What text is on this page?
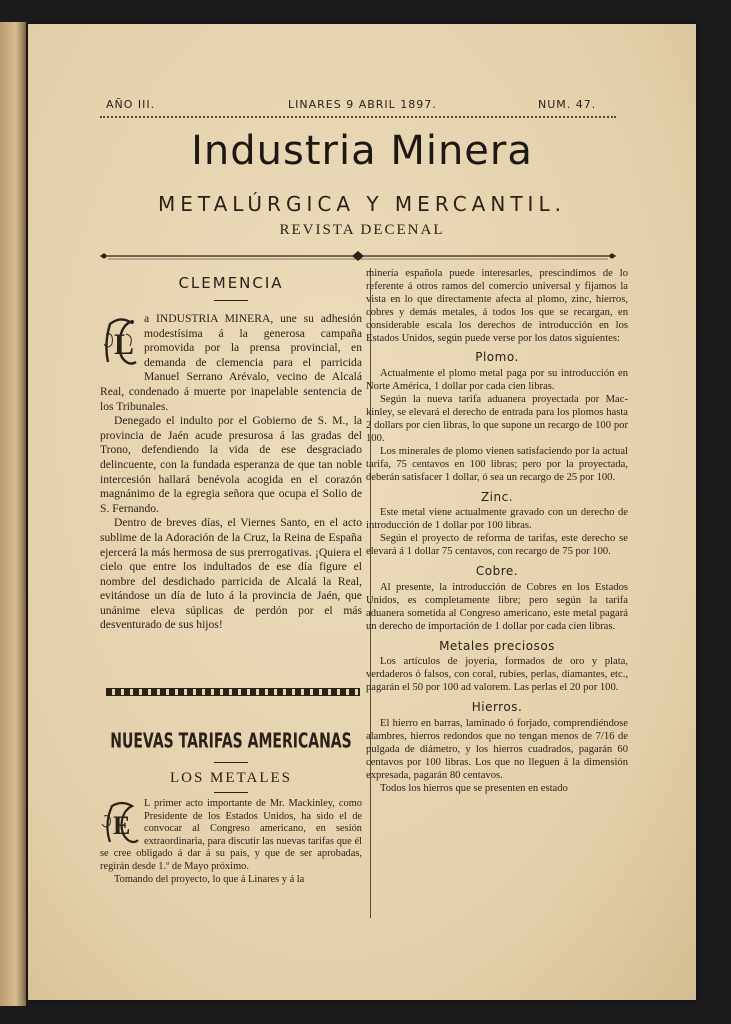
AÑO III.	LINARES 9 ABRIL 1897.	NUM. 47.
Industria Minera
METALÚRGICA Y MERCANTIL.
REVISTA DECENAL
CLEMENCIA
L

a INDUSTRIA MINERA, une su adhesión modestísima á la generosa campaña promovida por la prensa provincial, en demanda de clemencia para el parricida Manuel Serrano Arévalo, vecino de Alcalá Real, condenado á muerte por inapelable sentencia de los Tribunales.

Denegado el indulto por el Gobierno de S. M., la provincia de Jaén acude presurosa á las gradas del Trono, defendiendo la vida de ese desgraciado delincuente, con la fundada esperanza de que tan noble intercesión hallará benévola acogida en el corazón magnánimo de la egregia señora que ocupa el Solio de S. Fernando.

Dentro de breves días, el Viernes Santo, en el acto sublime de la Adoración de la Cruz, la Reina de España ejercerá la más hermosa de sus prerrogativas. ¡Quiera el cielo que entre los indultados de ese día figure el nombre del desdichado parricida de Alcalá la Real, evitándose un día de luto á la provincia de Jaén, que unánime eleva súplicas de perdón por el más desventurado de sus hijos!

NUEVAS TARIFAS AMERICANAS
LOS METALES
E

L primer acto importante de Mr. Mackinley, como Presidente de los Estados Unidos, ha sido el de convocar al Congreso americano, en sesión extraordinaria, para discutir las nuevas tarifas que él se cree obligado á dar á su país, y que de ser aprobadas, regirán desde 1.º de Mayo próximo.

Tomando del proyecto, lo que á Linares y á la

minería española puede interesarles, prescindimos de lo referente á otros ramos del comercio universal y fijamos la vista en lo que directamente afecta al plomo, zinc, hierros, cobres y demás metales, á todos los que se recargan, en considerable escala los derechos de introducción en los Estados Unidos, según puede verse por los datos siguientes:

Plomo.

Actualmente el plomo metal paga por su introducción en Norte América, 1 dollar por cada cien libras.

Según la nueva tarifa aduanera proyectada por Mac-kinley, se elevará el derecho de entrada para los plomos hasta 2 dollars por cien libras, lo que supone un recargo de 100 por 100.

Los minerales de plomo vienen satisfaciendo por la actual tarifa, 75 centavos en 100 libras; pero por la proyectada, deberán satisfacer 1 dollar, ó sea un recargo de 25 por 100.

Zinc.

Este metal viene actualmente gravado con un derecho de introducción de 1 dollar por 100 libras.

Según el proyecto de reforma de tarifas, este derecho se elevará á 1 dollar 75 centavos, con recargo de 75 por 100.

Cobre.

Al presente, la introducción de Cobres en los Estados Unidos, es completamente libre; pero según la tarifa aduanera sometida al Congreso americano, este metal pagará un derecho de importación de 1 dollar por cada cien libras.

Metales preciosos

Los artículos de joyería, formados de oro y plata, verdaderos ó falsos, con coral, rubíes, perlas, diamantes, etc., pagarán el 50 por 100 ad valorem. Las perlas el 20 por 100.

Hierros.

El hierro en barras, laminado ó forjado, comprendiéndose alambres, hierros redondos que no tengan menos de 7/16 de pulgada de diámetro, y los hierros cuadrados, pagarán 60 centavos por 100 libras. Los que no lleguen á la dimensión expresada, pagarán 80 centavos.

Todos los hierros que se presenten en estado
